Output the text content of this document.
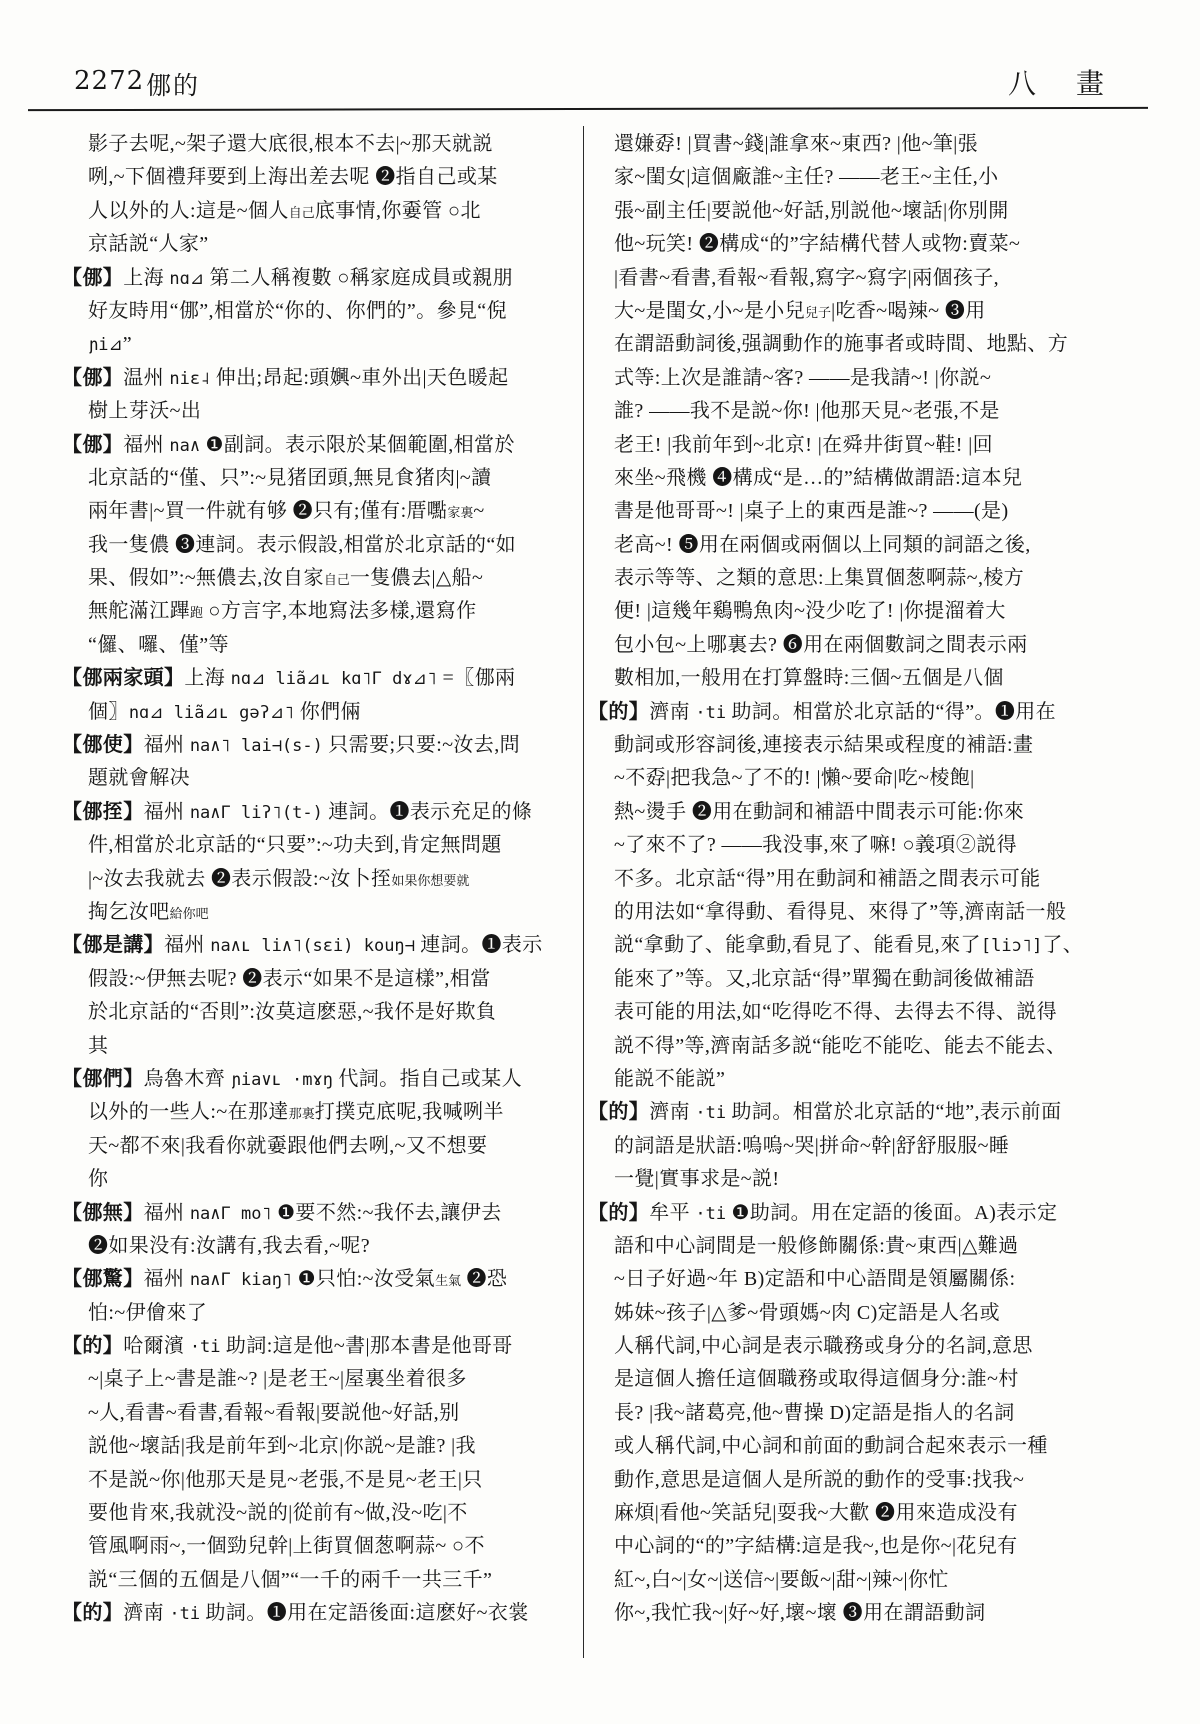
2272 㑚的	八　畫
影子去呢,~架子還大底很,根本不去|~那天就説
咧,~下個禮拜要到上海出差去呢 ❷指自己或某
人以外的人:這是~個人自己底事情,你嫑管 ○北
京話説“人家”
【㑚】上海 nɑ⊿ 第二人稱複數 ○稱家庭成員或親朋
好友時用“㑚”,相當於“你的、你們的”。參見“倪
ɲi⊿”
【㑚】温州 niɛ˨ 伸出;昂起:頭嬹~車外出|天色暖起
樹上芽沃~出
【㑚】福州 na∧ ❶副詞。表示限於某個範圍,相當於
北京話的“僅、只”:~見猪囝頭,無見食猪肉|~讀
兩年書|~買一件就有够 ❷只有;僅有:厝嚸家裏~
我一隻儂 ❸連詞。表示假設,相當於北京話的“如
果、假如”:~無儂去,汝自家自己一隻儂去|△船~
無舵滿江蹕跑 ○方言字,本地寫法多樣,還寫作
“儸、囉、僅”等
【㑚兩家頭】上海 nɑ⊿ liã⊿ʟ kɑ˥Γ dɤ⊿˥ =〖㑚兩
個〗nɑ⊿ liã⊿ʟ gəʔ⊿˥ 你們倆
【㑚使】福州 na∧˥ lai⊣(s-) 只需要;只要:~汝去,問
題就會解决
【㑚挃】福州 na∧Γ liʔ˥(t-) 連詞。❶表示充足的條
件,相當於北京話的“只要”:~功夫到,肯定無問題
|~汝去我就去 ❷表示假設:~汝卜挃如果你想要就
掏乞汝吧給你吧
【㑚是講】福州 na∧ʟ li∧˥(sɛi) kouŋ⊣ 連詞。❶表示
假設:~伊無去呢? ❷表示“如果不是這樣”,相當
於北京話的“否則”:汝莫這麽惡,~我伓是好欺負
其
【㑚們】烏魯木齊 ɲia∨ʟ ·mɤŋ 代詞。指自己或某人
以外的一些人:~在那達那裏打撲克底呢,我喊咧半
天~都不來|我看你就嫑跟他們去咧,~又不想要
你
【㑚無】福州 na∧Γ mo˥ ❶要不然:~我伓去,讓伊去
❷如果没有:汝講有,我去看,~呢?
【㑚驚】福州 na∧Γ kiaŋ˥ ❶只怕:~汝受氣生氣 ❷恐
怕:~伊儈來了
【的】哈爾濱 ·ti 助詞:這是他~書|那本書是他哥哥
~|桌子上~書是誰~? |是老王~|屋裏坐着很多
~人,看書~看書,看報~看報|要説他~好話,别
説他~壞話|我是前年到~北京|你説~是誰? |我
不是説~你|他那天是見~老張,不是見~老王|只
要他肯來,我就没~説的|從前有~做,没~吃|不
管風啊雨~,一個勁兒幹|上街買個葱啊蒜~ ○不
説“三個的五個是八個”“一千的兩千一共三千”
【的】濟南 ·ti 助詞。❶用在定語後面:這麽好~衣裳
還嫌孬! |買書~錢|誰拿來~東西? |他~筆|張
家~閨女|這個廠誰~主任? ——老王~主任,小
張~副主任|要説他~好話,別説他~壞話|你別開
他~玩笑! ❷構成“的”字結構代替人或物:賣菜~
|看書~看書,看報~看報,寫字~寫字|兩個孩子,
大~是閨女,小~是小兒兒子|吃香~喝辣~ ❸用
在謂語動詞後,强調動作的施事者或時間、地點、方
式等:上次是誰請~客? ——是我請~! |你説~
誰? ——我不是説~你! |他那天見~老張,不是
老王! |我前年到~北京! |在舜井街買~鞋! |回
來坐~飛機 ❹構成“是…的”結構做謂語:這本兒
書是他哥哥~! |桌子上的東西是誰~? ——(是)
老高~! ❺用在兩個或兩個以上同類的詞語之後,
表示等等、之類的意思:上集買個葱啊蒜~,棱方
便! |這幾年鷄鴨魚肉~没少吃了! |你提溜着大
包小包~上哪裏去? ❻用在兩個數詞之間表示兩
數相加,一般用在打算盤時:三個~五個是八個
【的】濟南 ·ti 助詞。相當於北京話的“得”。❶用在
動詞或形容詞後,連接表示結果或程度的補語:畫
~不孬|把我急~了不的! |懶~要命|吃~棱飽|
熱~燙手 ❷用在動詞和補語中間表示可能:你來
~了來不了? ——我没事,來了嘛! ○義項②説得
不多。北京話“得”用在動詞和補語之間表示可能
的用法如“拿得動、看得見、來得了”等,濟南話一般
説“拿動了、能拿動,看見了、能看見,來了[liɔ˥]了、
能來了”等。又,北京話“得”單獨在動詞後做補語
表可能的用法,如“吃得吃不得、去得去不得、説得
説不得”等,濟南話多説“能吃不能吃、能去不能去、
能説不能説”
【的】濟南 ·ti 助詞。相當於北京話的“地”,表示前面
的詞語是狀語:嗚嗚~哭|拼命~幹|舒舒服服~睡
一覺|實事求是~説!
【的】牟平 ·ti ❶助詞。用在定語的後面。A)表示定
語和中心詞間是一般修飾關係:貴~東西|△難過
~日子好過~年 B)定語和中心語間是領屬關係:
姊妹~孩子|△爹~骨頭媽~肉 C)定語是人名或
人稱代詞,中心詞是表示職務或身分的名詞,意思
是這個人擔任這個職務或取得這個身分:誰~村
長? |我~諸葛亮,他~曹操 D)定語是指人的名詞
或人稱代詞,中心詞和前面的動詞合起來表示一種
動作,意思是這個人是所説的動作的受事:找我~
麻煩|看他~笑話兒|耍我~大歡 ❷用來造成没有
中心詞的“的”字結構:這是我~,也是你~|花兒有
紅~,白~|女~|送信~|要飯~|甜~|辣~|你忙
你~,我忙我~|好~好,壞~壞 ❸用在謂語動詞
